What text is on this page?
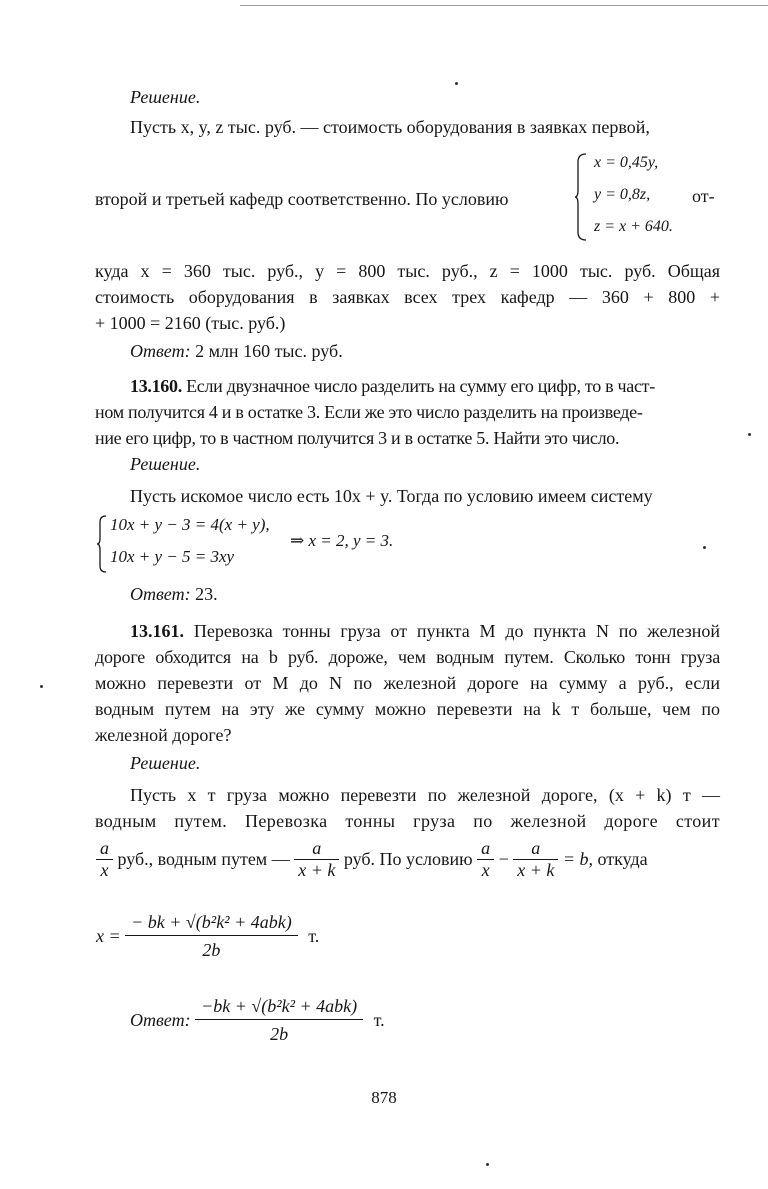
Решение.

Пусть x, y, z тыс. руб. — стоимость оборудования в заявках первой,

второй и третьей кафедр соответственно. По условию

x = 0,45y,
y = 0,8z,
z = x + 640.
от-

куда x = 360 тыс. руб., y = 800 тыс. руб., z = 1000 тыс. руб. Общая

стоимость оборудования в заявках всех трех кафедр — 360 + 800 +

+ 1000 = 2160 (тыс. руб.)

Ответ: 2 млн 160 тыс. руб.

13.160. Если двузначное число разделить на сумму его цифр, то в част-

ном получится 4 и в остатке 3. Если же это число разделить на произведе-

ние его цифр, то в частном получится 3 и в остатке 5. Найти это число.

Решение.

Пусть искомое число есть 10x + y. Тогда по условию имеем систему

10x + y − 3 = 4(x + y),
10x + y − 5 = 3xy
⇒ x = 2, y = 3.
Ответ: 23.

13.161. Перевозка тонны груза от пункта M до пункта N по железной

дороге обходится на b руб. дороже, чем водным путем. Сколько тонн груза

можно перевезти от M до N по железной дороге на сумму a руб., если

водным путем на эту же сумму можно перевезти на k т больше, чем по

железной дороге?

Решение.

Пусть x т груза можно перевезти по железной дороге, (x + k) т —

водным путем. Перевозка тонны груза по железной дороге стоит

$\frac{a}{x}$ руб., водным путем — $\frac{a}{x + k}$ руб. По условию $\frac{a}{x} - \frac{a}{x + k} = b$, откуда
$x = \frac{\text{− bk + √(b²k² + 4abk)}}{2b} т$.
Ответ: $\frac{\text{−bk + √(b²k² + 4abk)}}{2b} т$.
878
